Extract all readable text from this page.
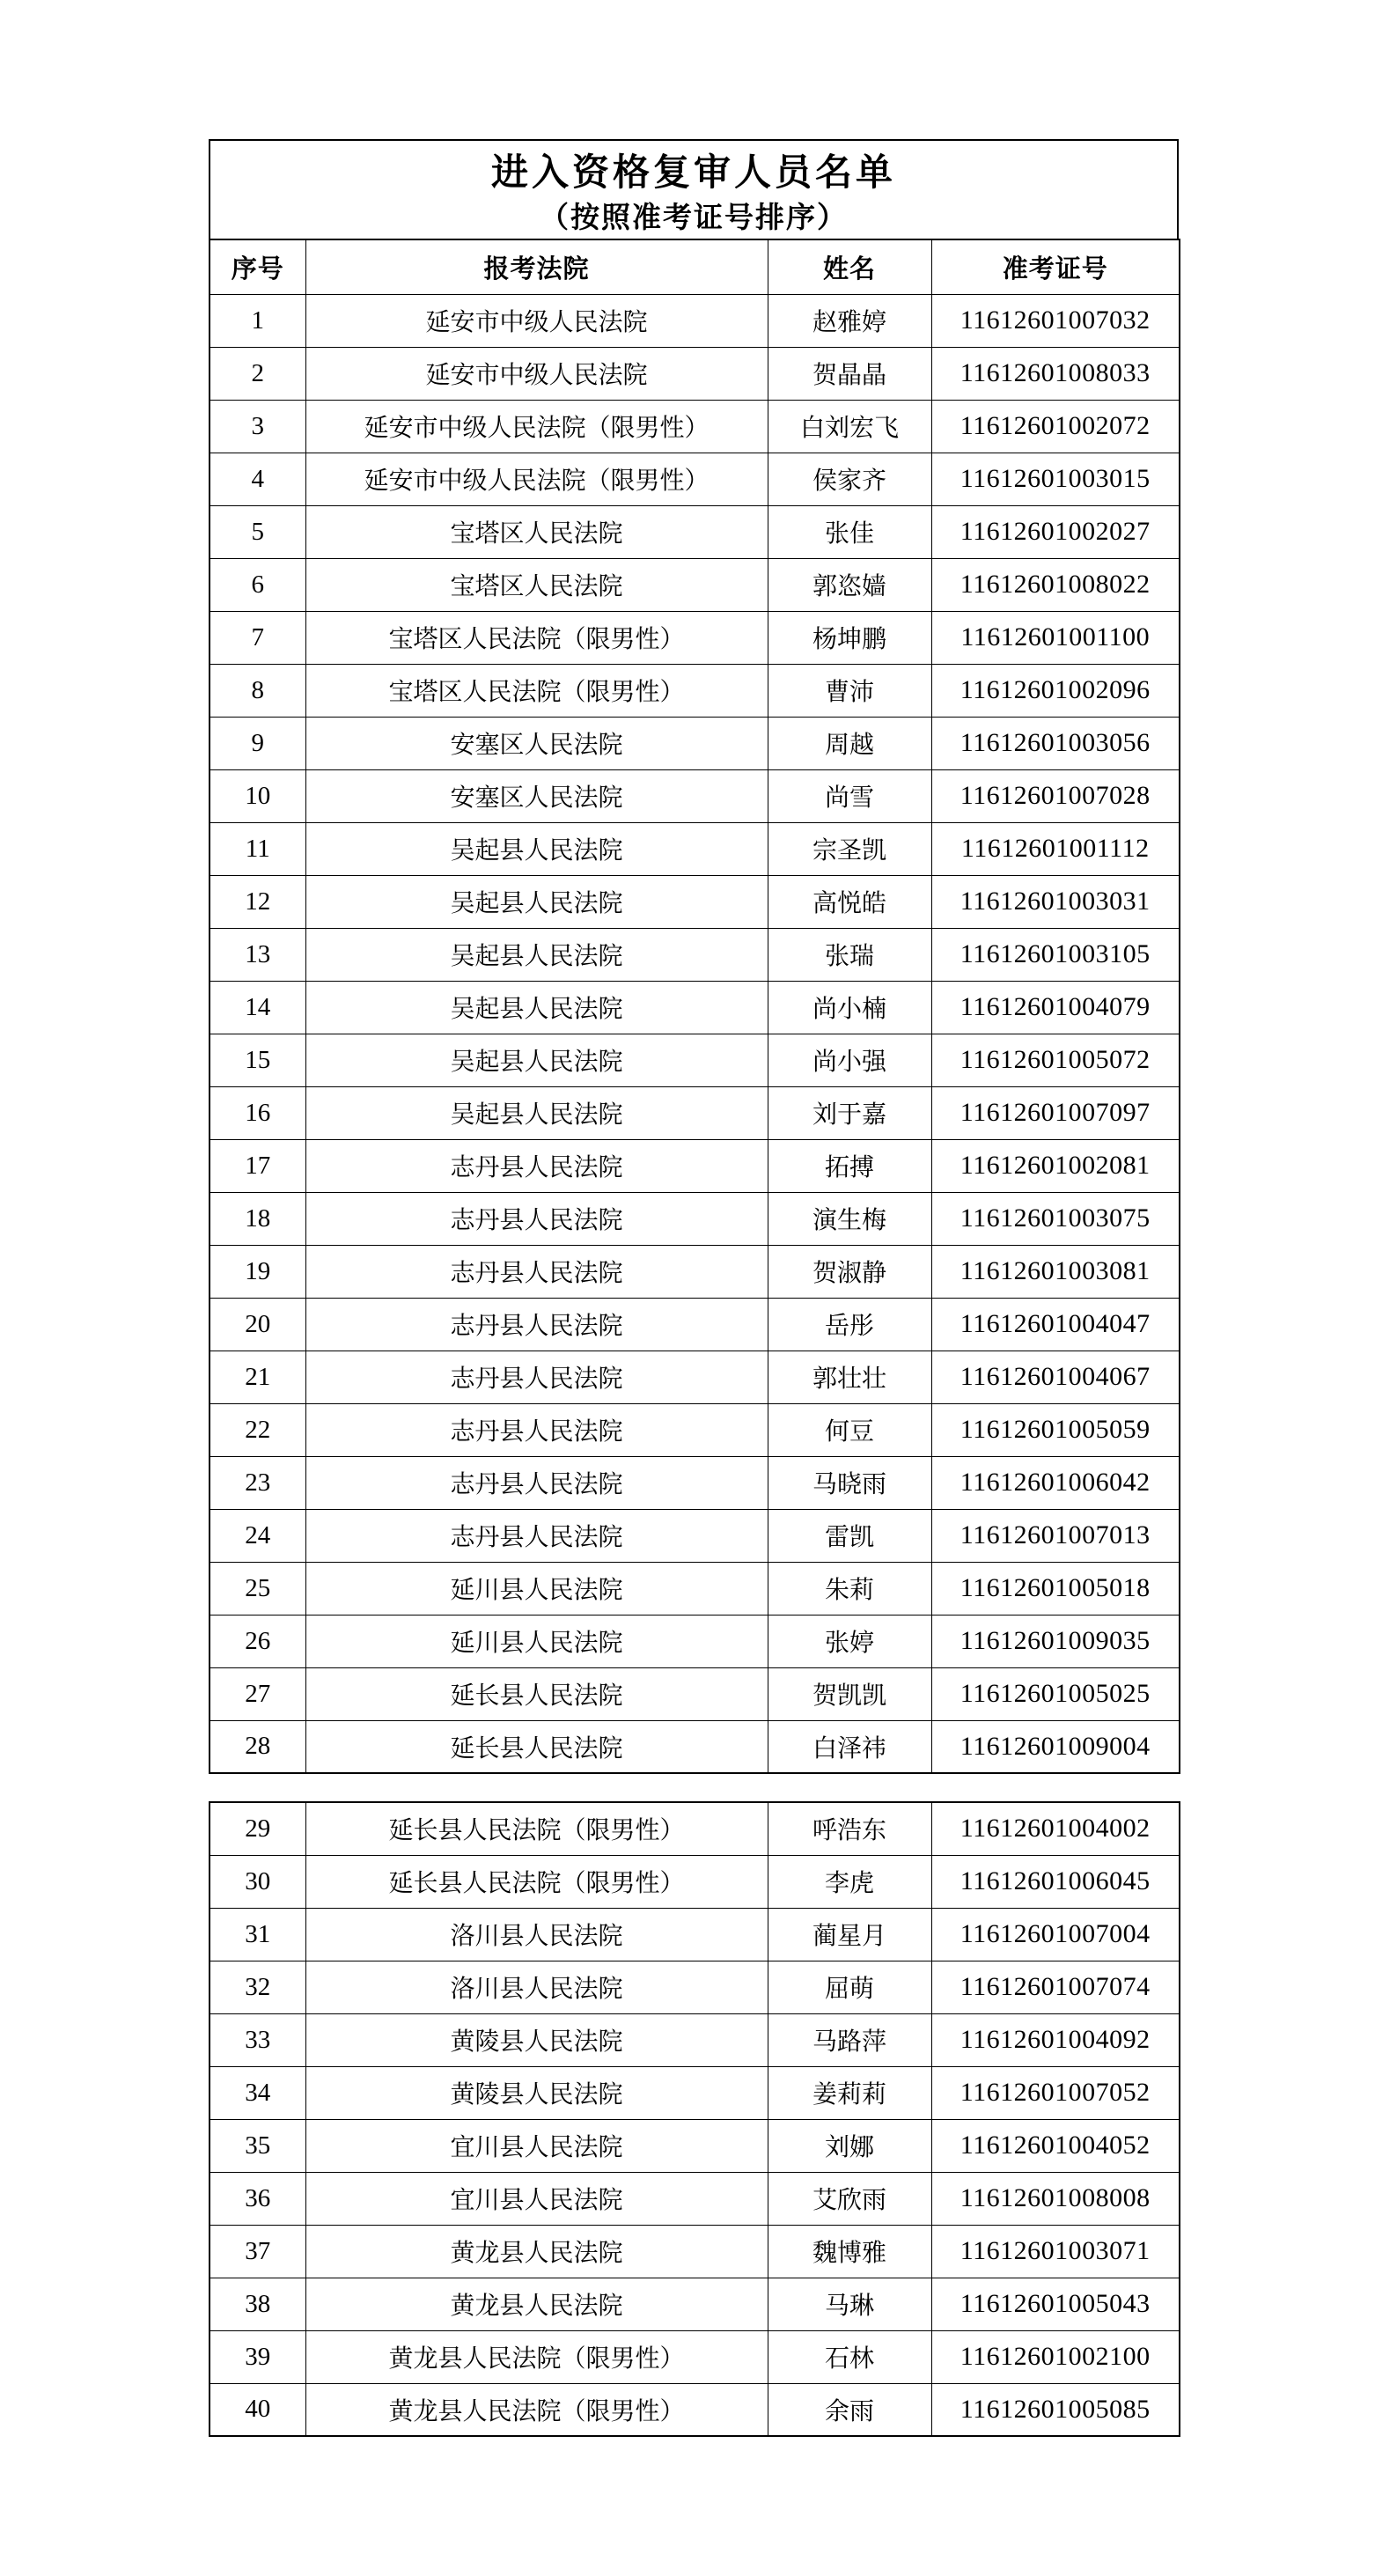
进入资格复审人员名单
（按照准考证号排序）
序号	报考法院	姓名	准考证号
1	延安市中级人民法院	赵雅婷	11612601007032
2	延安市中级人民法院	贺晶晶	11612601008033
3	延安市中级人民法院（限男性）	白刘宏飞	11612601002072
4	延安市中级人民法院（限男性）	侯家齐	11612601003015
5	宝塔区人民法院	张佳	11612601002027
6	宝塔区人民法院	郭恣嫱	11612601008022
7	宝塔区人民法院（限男性）	杨坤鹏	11612601001100
8	宝塔区人民法院（限男性）	曹沛	11612601002096
9	安塞区人民法院	周越	11612601003056
10	安塞区人民法院	尚雪	11612601007028
11	吴起县人民法院	宗圣凯	11612601001112
12	吴起县人民法院	高悦皓	11612601003031
13	吴起县人民法院	张瑞	11612601003105
14	吴起县人民法院	尚小楠	11612601004079
15	吴起县人民法院	尚小强	11612601005072
16	吴起县人民法院	刘于嘉	11612601007097
17	志丹县人民法院	拓搏	11612601002081
18	志丹县人民法院	演生梅	11612601003075
19	志丹县人民法院	贺淑静	11612601003081
20	志丹县人民法院	岳彤	11612601004047
21	志丹县人民法院	郭壮壮	11612601004067
22	志丹县人民法院	何豆	11612601005059
23	志丹县人民法院	马晓雨	11612601006042
24	志丹县人民法院	雷凯	11612601007013
25	延川县人民法院	朱莉	11612601005018
26	延川县人民法院	张婷	11612601009035
27	延长县人民法院	贺凯凯	11612601005025
28	延长县人民法院	白泽祎	11612601009004
29	延长县人民法院（限男性）	呼浩东	11612601004002
30	延长县人民法院（限男性）	李虎	11612601006045
31	洛川县人民法院	蔺星月	11612601007004
32	洛川县人民法院	屈萌	11612601007074
33	黄陵县人民法院	马路萍	11612601004092
34	黄陵县人民法院	姜莉莉	11612601007052
35	宜川县人民法院	刘娜	11612601004052
36	宜川县人民法院	艾欣雨	11612601008008
37	黄龙县人民法院	魏博雅	11612601003071
38	黄龙县人民法院	马琳	11612601005043
39	黄龙县人民法院（限男性）	石林	11612601002100
40	黄龙县人民法院（限男性）	余雨	11612601005085
